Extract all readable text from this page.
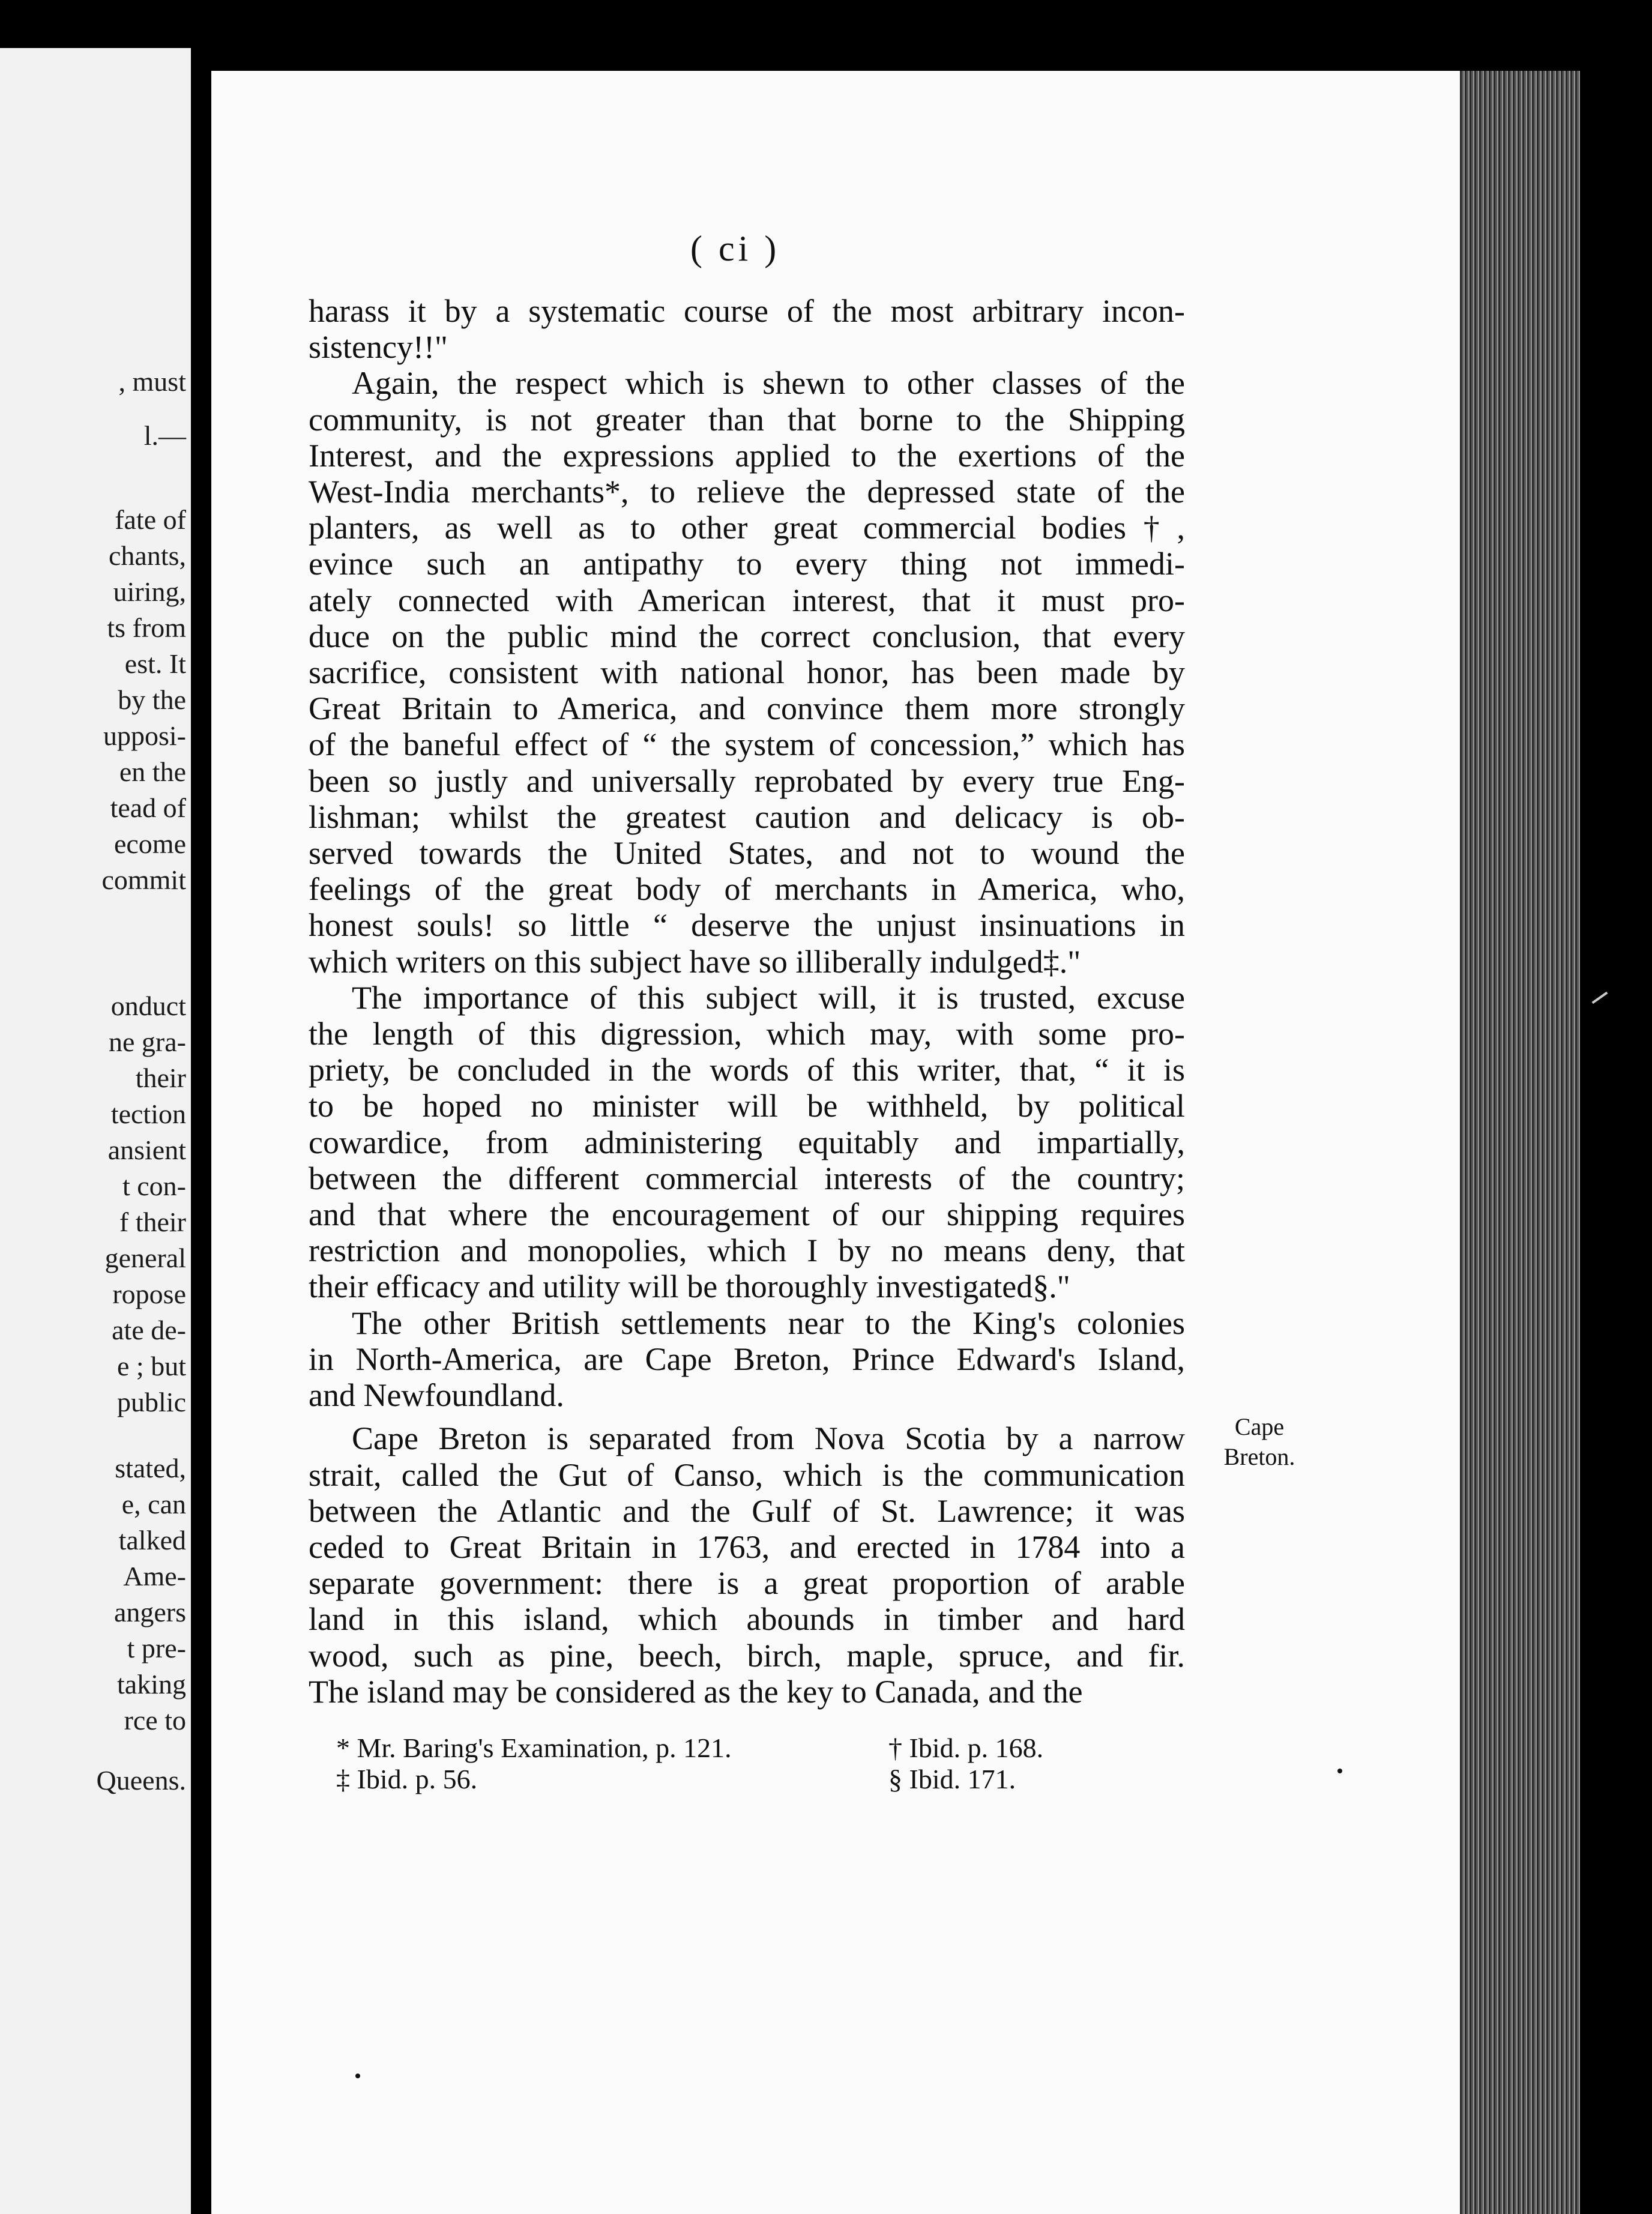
, must
l.—
fate of
chants,
uiring,
ts from
est. It
by the
upposi-
en the
tead of
ecome
commit
onduct
ne gra-
their
tection
ansient
t con-
f their
general
ropose
ate de-
e ; but
public
stated,
e, can
talked
Ame-
angers
t pre-
taking
rce to
Queens.
( ci )
harass it by a systematic course of the most arbitrary incon-
sistency!!"
Again, the respect which is shewn to other classes of the
community, is not greater than that borne to the Shipping
Interest, and the expressions applied to the exertions of the
West-India merchants*, to relieve the depressed state of the
planters, as well as to other great commercial bodies†,
evince such an antipathy to every thing not immedi-
ately connected with American interest, that it must pro-
duce on the public mind the correct conclusion, that every
sacrifice, consistent with national honor, has been made by
Great Britain to America, and convince them more strongly
of the baneful effect of “ the system of concession,” which has
been so justly and universally reprobated by every true Eng-
lishman; whilst the greatest caution and delicacy is ob-
served towards the United States, and not to wound the
feelings of the great body of merchants in America, who,
honest souls! so little “ deserve the unjust insinuations in
which writers on this subject have so illiberally indulged‡."
The importance of this subject will, it is trusted, excuse
the length of this digression, which may, with some pro-
priety, be concluded in the words of this writer, that, “ it is
to be hoped no minister will be withheld, by political
cowardice, from administering equitably and impartially,
between the different commercial interests of the country;
and that where the encouragement of our shipping requires
restriction and monopolies, which I by no means deny, that
their efficacy and utility will be thoroughly investigated§."
The other British settlements near to the King's colonies
in North-America, are Cape Breton, Prince Edward's Island,
and Newfoundland.
Cape Breton is separated from Nova Scotia by a narrow
strait, called the Gut of Canso, which is the communication
between the Atlantic and the Gulf of St. Lawrence; it was
ceded to Great Britain in 1763, and erected in 1784 into a
separate government: there is a great proportion of arable
land in this island, which abounds in timber and hard
wood, such as pine, beech, birch, maple, spruce, and fir.
The island may be considered as the key to Canada, and the
Cape
Breton.
* Mr. Baring's Examination, p. 121.
‡ Ibid. p. 56.
† Ibid. p. 168.
§ Ibid. 171.
